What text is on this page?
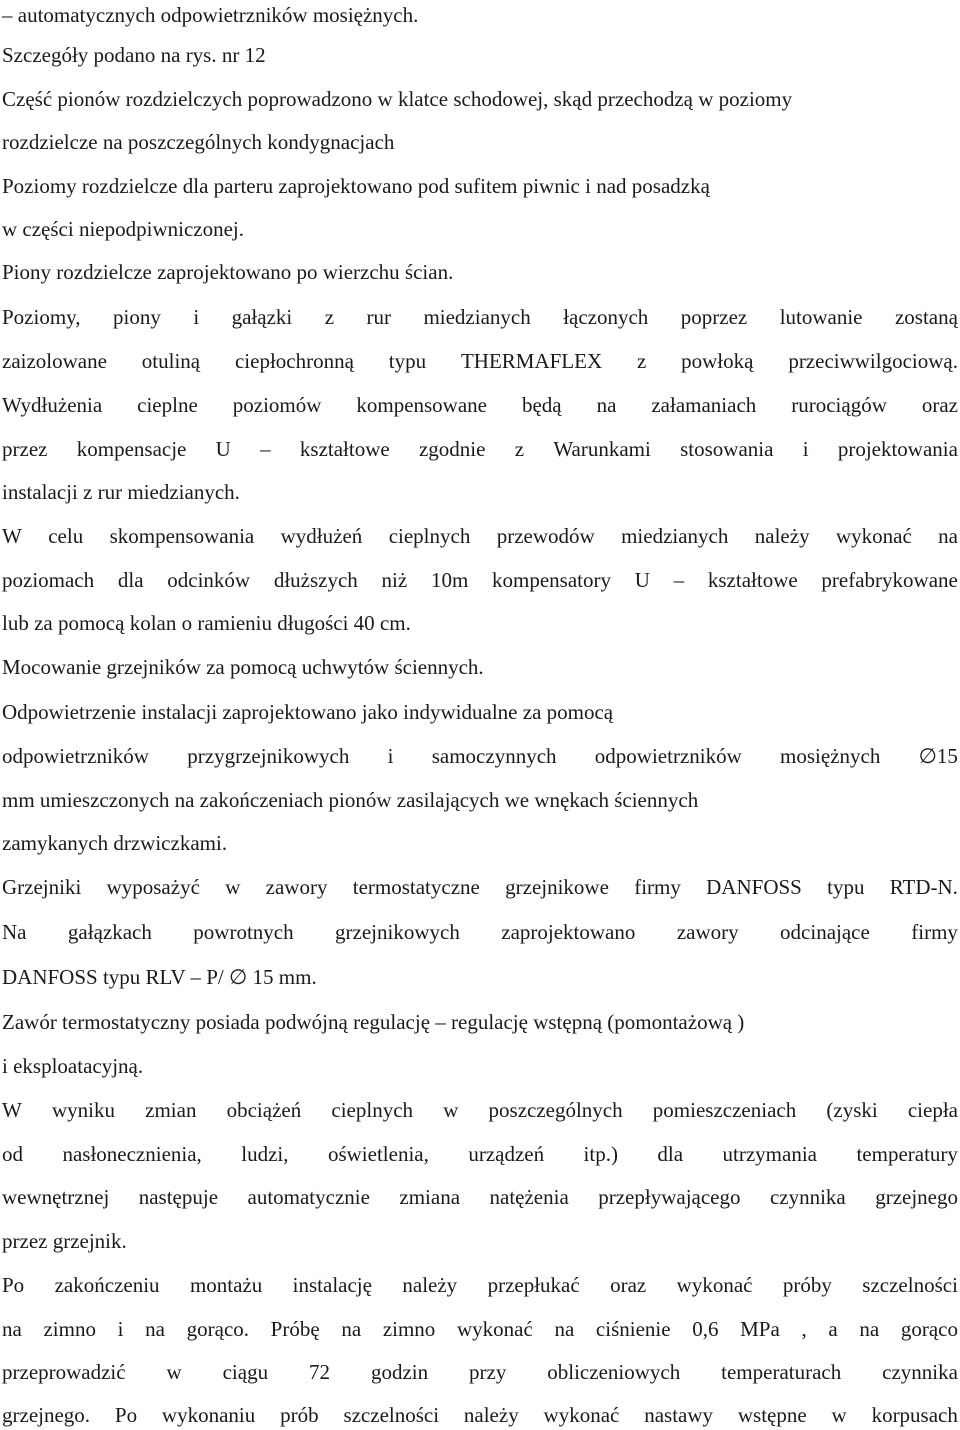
– automatycznych odpowietrzników mosiężnych.
Szczegóły podano na rys. nr 12
Część pionów rozdzielczych poprowadzono w klatce schodowej, skąd przechodzą w poziomy
rozdzielcze na poszczególnych kondygnacjach
Poziomy rozdzielcze dla parteru zaprojektowano pod sufitem piwnic i nad posadzką
w części niepodpiwniczonej.
Piony rozdzielcze zaprojektowano po wierzchu ścian.
Poziomy, piony i gałązki z rur miedzianych łączonych poprzez lutowanie zostaną
zaizolowane otuliną ciepłochronną typu THERMAFLEX z powłoką przeciwwilgociową.
Wydłużenia cieplne poziomów kompensowane będą na załamaniach rurociągów oraz
przez kompensacje U – kształtowe zgodnie z Warunkami stosowania i projektowania
instalacji z rur miedzianych.
W celu skompensowania wydłużeń cieplnych przewodów miedzianych należy wykonać na
poziomach dla odcinków dłuższych niż 10m kompensatory U – kształtowe prefabrykowane
lub za pomocą kolan o ramieniu długości 40 cm.
Mocowanie grzejników za pomocą uchwytów ściennych.
Odpowietrzenie instalacji zaprojektowano jako indywidualne za pomocą
odpowietrzników przygrzejnikowych i samoczynnych odpowietrzników mosiężnych ∅15
mm umieszczonych na zakończeniach pionów zasilających we wnękach ściennych
zamykanych drzwiczkami.
Grzejniki wyposażyć w zawory termostatyczne grzejnikowe firmy DANFOSS typu RTD-N.
Na gałązkach powrotnych grzejnikowych zaprojektowano zawory odcinające firmy
DANFOSS typu RLV – P/ ∅ 15 mm.
Zawór termostatyczny posiada podwójną regulację – regulację wstępną (pomontażową )
i eksploatacyjną.
W wyniku zmian obciążeń cieplnych w poszczególnych pomieszczeniach (zyski ciepła
od nasłonecznienia, ludzi, oświetlenia, urządzeń itp.) dla utrzymania temperatury
wewnętrznej następuje automatycznie zmiana natężenia przepływającego czynnika grzejnego
przez grzejnik.
Po zakończeniu montażu instalację należy przepłukać oraz wykonać próby szczelności
na zimno i na gorąco. Próbę na zimno wykonać na ciśnienie 0,6 MPa , a na gorąco
przeprowadzić w ciągu 72 godzin przy obliczeniowych temperaturach czynnika
grzejnego. Po wykonaniu prób szczelności należy wykonać nastawy wstępne w korpusach
